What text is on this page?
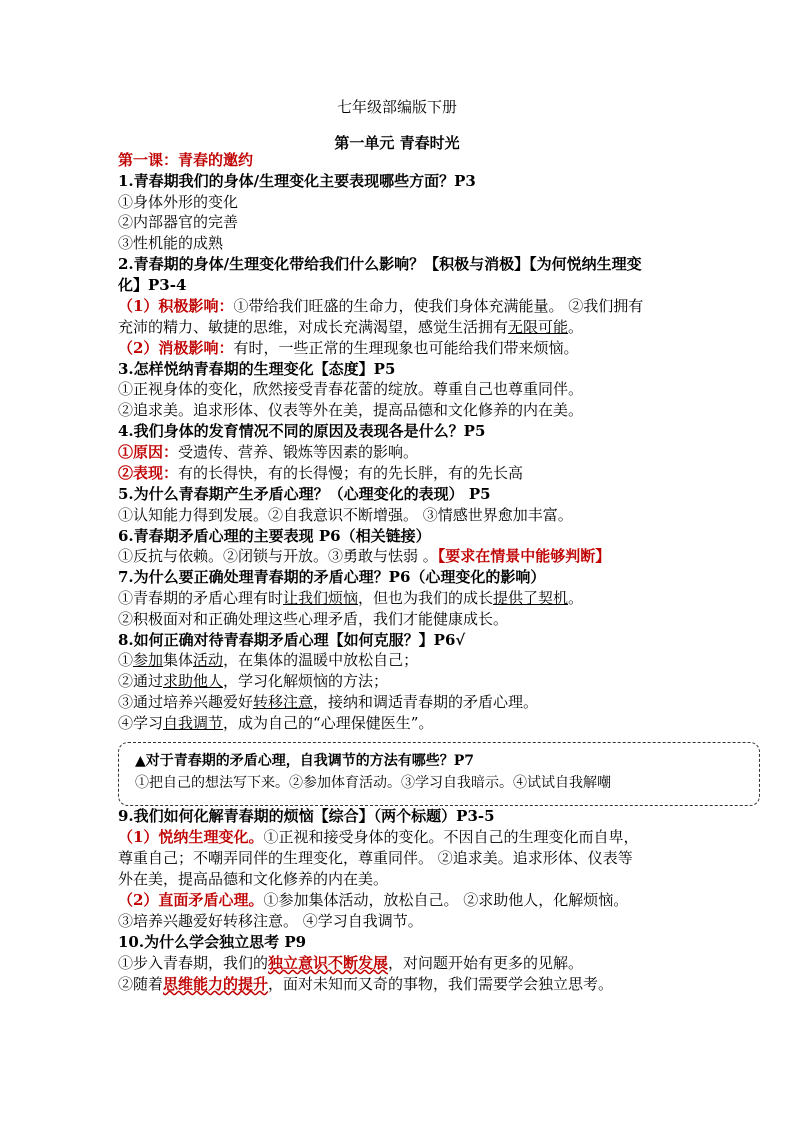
七年级部编版下册
第一单元 青春时光
第一课：青春的邀约
1.青春期我们的身体/生理变化主要表现哪些方面？P3
①身体外形的变化
②内部器官的完善
③性机能的成熟
2.青春期的身体/生理变化带给我们什么影响？【积极与消极】【为何悦纳生理变
化】P3-4
（1）积极影响：①带给我们旺盛的生命力，使我们身体充满能量。 ②我们拥有
充沛的精力、敏捷的思维，对成长充满渴望，感觉生活拥有无限可能。
（2）消极影响：有时，一些正常的生理现象也可能给我们带来烦恼。
3.怎样悦纳青春期的生理变化【态度】P5
①正视身体的变化，欣然接受青春花蕾的绽放。尊重自己也尊重同伴。
②追求美。追求形体、仪表等外在美，提高品德和文化修养的内在美。
4.我们身体的发育情况不同的原因及表现各是什么？P5
①原因：受遗传、营养、锻炼等因素的影响。
②表现：有的长得快，有的长得慢；有的先长胖，有的先长高
5.为什么青春期产生矛盾心理？（心理变化的表现） P5
①认知能力得到发展。②自我意识不断增强。 ③情感世界愈加丰富。
6.青春期矛盾心理的主要表现 P6（相关链接）
①反抗与依赖。②闭锁与开放。③勇敢与怯弱 。【要求在情景中能够判断】
7.为什么要正确处理青春期的矛盾心理？P6（心理变化的影响）
①青春期的矛盾心理有时让我们烦恼，但也为我们的成长提供了契机。
②积极面对和正确处理这些心理矛盾，我们才能健康成长。
8.如何正确对待青春期矛盾心理【如何克服？】P6√
①参加集体活动，在集体的温暖中放松自己；
②通过求助他人，学习化解烦恼的方法；
③通过培养兴趣爱好转移注意，接纳和调适青春期的矛盾心理。
④学习自我调节，成为自己的“心理保健医生”。
▲对于青春期的矛盾心理，自我调节的方法有哪些？P7
①把自己的想法写下来。②参加体育活动。③学习自我暗示。④试试自我解嘲
9.我们如何化解青春期的烦恼【综合】（两个标题）P3-5
（1）悦纳生理变化。①正视和接受身体的变化。不因自己的生理变化而自卑，
尊重自己；不嘲弄同伴的生理变化，尊重同伴。 ②追求美。追求形体、仪表等
外在美，提高品德和文化修养的内在美。
（2）直面矛盾心理。①参加集体活动，放松自己。 ②求助他人，化解烦恼。
③培养兴趣爱好转移注意。 ④学习自我调节。
10.为什么学会独立思考 P9
①步入青春期，我们的独立意识不断发展，对问题开始有更多的见解。
②随着思维能力的提升，面对未知而又奇的事物，我们需要学会独立思考。
